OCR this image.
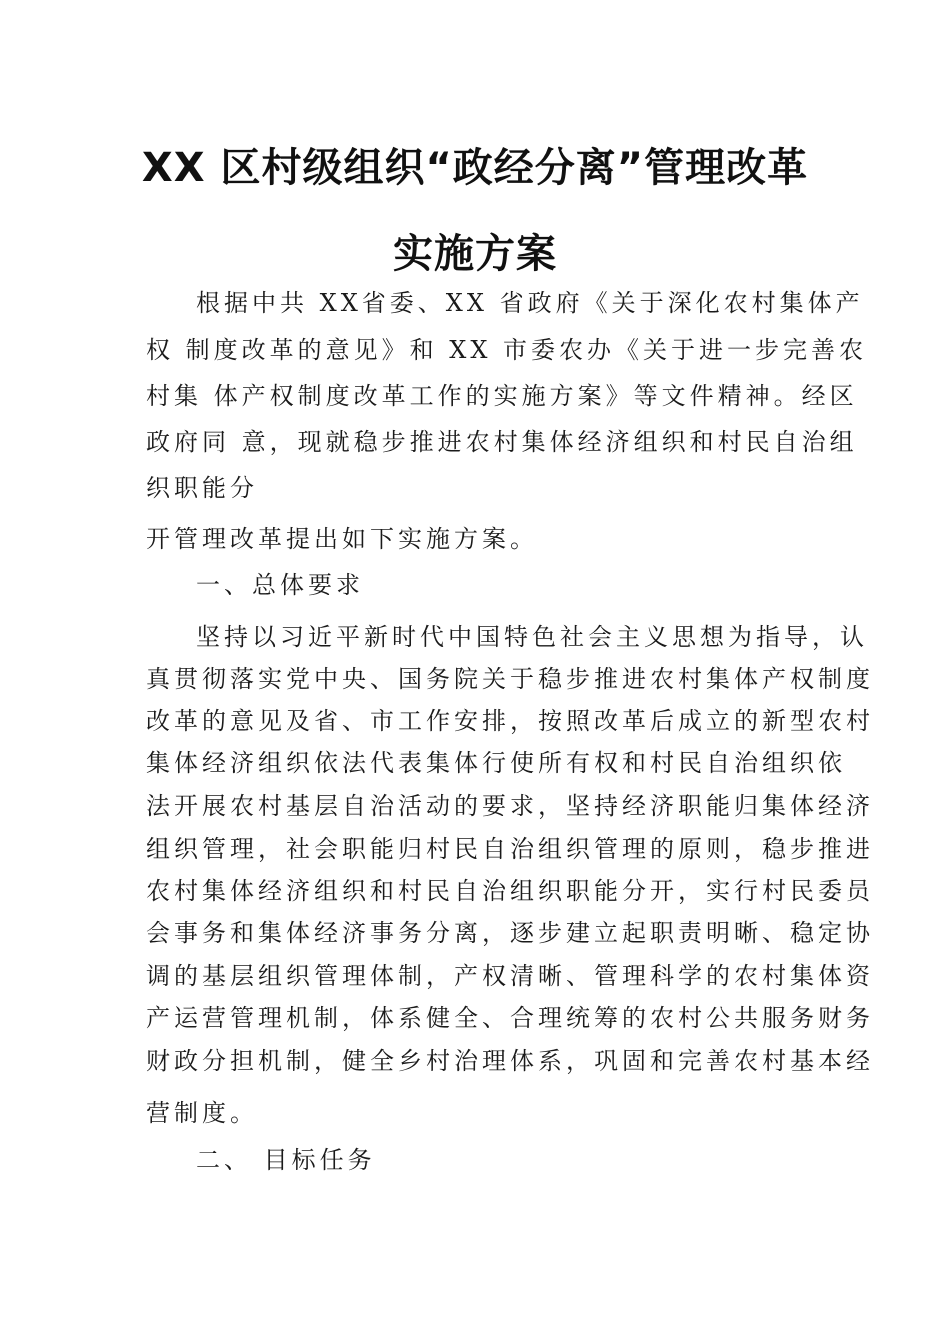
XX 区村级组织“政经分离”管理改革
实施方案

根据中共 XX省委、XX 省政府《关于深化农村集体产

权 制度改革的意见》和 XX 市委农办《关于进一步完善农

村集 体产权制度改革工作的实施方案》等文件精神。经区

政府同 意，现就稳步推进农村集体经济组织和村民自治组

织职能分

开管理改革提出如下实施方案。

一、总体要求

坚持以习近平新时代中国特色社会主义思想为指导，认

真贯彻落实党中央、国务院关于稳步推进农村集体产权制度

改革的意见及省、市工作安排，按照改革后成立的新型农村

集体经济组织依法代表集体行使所有权和村民自治组织依

法开展农村基层自治活动的要求，坚持经济职能归集体经济

组织管理，社会职能归村民自治组织管理的原则，稳步推进

农村集体经济组织和村民自治组织职能分开，实行村民委员

会事务和集体经济事务分离，逐步建立起职责明晰、稳定协

调的基层组织管理体制，产权清晰、管理科学的农村集体资

产运营管理机制，体系健全、合理统筹的农村公共服务财务

财政分担机制，健全乡村治理体系，巩固和完善农村基本经

营制度。

二、 目标任务
